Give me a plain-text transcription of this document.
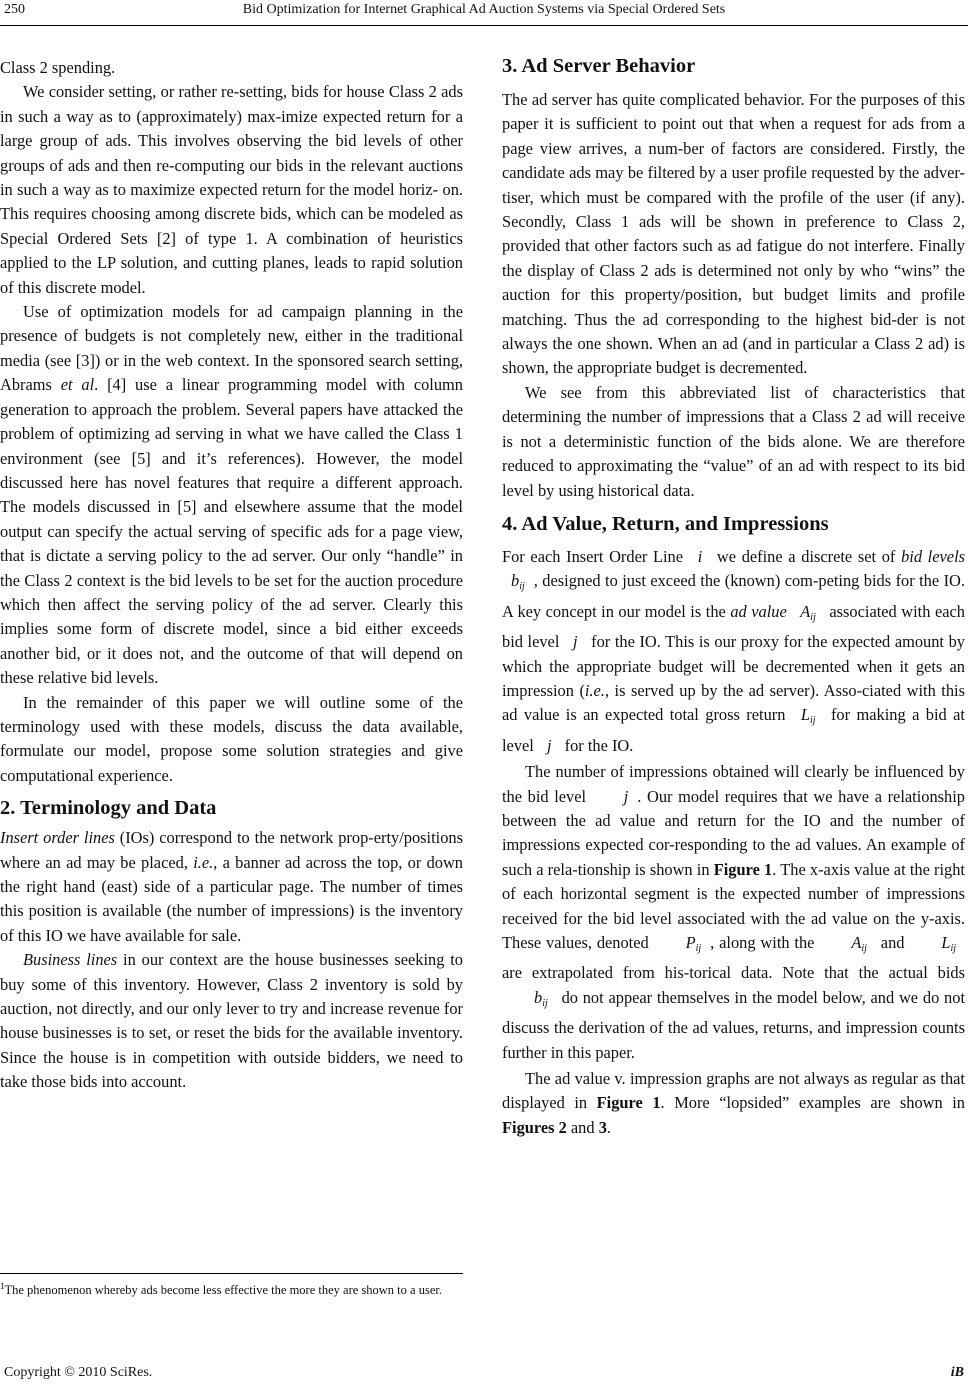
250	Bid Optimization for Internet Graphical Ad Auction Systems via Special Ordered Sets

Class 2 spending.

We consider setting, or rather re-setting, bids for house Class 2 ads in such a way as to (approximately) max-imize expected return for a large group of ads. This involves observing the bid levels of other groups of ads and then re-computing our bids in the relevant auctions in such a way as to maximize expected return for the model horiz- on. This requires choosing among discrete bids, which can be modeled as Special Ordered Sets [2] of type 1. A combination of heuristics applied to the LP solution, and cutting planes, leads to rapid solution of this discrete model.

Use of optimization models for ad campaign planning in the presence of budgets is not completely new, either in the traditional media (see [3]) or in the web context. In the sponsored search setting, Abrams et al. [4] use a linear programming model with column generation to approach the problem. Several papers have attacked the problem of optimizing ad serving in what we have called the Class 1 environment (see [5] and it’s references). However, the model discussed here has novel features that require a different approach. The models discussed in [5] and elsewhere assume that the model output can specify the actual serving of specific ads for a page view, that is dictate a serving policy to the ad server. Our only “handle” in the Class 2 context is the bid levels to be set for the auction procedure which then affect the serving policy of the ad server. Clearly this implies some form of discrete model, since a bid either exceeds another bid, or it does not, and the outcome of that will depend on these relative bid levels.

In the remainder of this paper we will outline some of the terminology used with these models, discuss the data available, formulate our model, propose some solution strategies and give computational experience.

2. Terminology and Data

Insert order lines (IOs) correspond to the network prop-erty/positions where an ad may be placed, i.e., a banner ad across the top, or down the right hand (east) side of a particular page. The number of times this position is available (the number of impressions) is the inventory of this IO we have available for sale.

Business lines in our context are the house businesses seeking to buy some of this inventory. However, Class 2 inventory is sold by auction, not directly, and our only lever to try and increase revenue for house businesses is to set, or reset the bids for the available inventory. Since the house is in competition with outside bidders, we need to take those bids into account.

$^1$The phenomenon whereby ads become less effective the more they are shown to a user.
3. Ad Server Behavior

The ad server has quite complicated behavior. For the purposes of this paper it is sufficient to point out that when a request for ads from a page view arrives, a num-ber of factors are considered. Firstly, the candidate ads may be filtered by a user profile requested by the adver-tiser, which must be compared with the profile of the user (if any). Secondly, Class 1 ads will be shown in preference to Class 2, provided that other factors such as ad fatigue do not interfere. Finally the display of Class 2 ads is determined not only by who “wins” the auction for this property/position, but budget limits and profile matching. Thus the ad corresponding to the highest bid-der is not always the one shown. When an ad (and in particular a Class 2 ad) is shown, the appropriate budget is decremented.

We see from this abbreviated list of characteristics that determining the number of impressions that a Class 2 ad will receive is not a deterministic function of the bids alone. We are therefore reduced to approximating the “value” of an ad with respect to its bid level by using historical data.

4. Ad Value, Return, and Impressions

For each Insert Order Line i we define a discrete set of bid levels $b_{ij}$ , designed to just exceed the (known) com-peting bids for the IO. A key concept in our model is the ad value $A_{ij}$ associated with each bid level j for the IO. This is our proxy for the expected amount by which the appropriate budget will be decremented when it gets an impression (i.e., is served up by the ad server). Asso-ciated with this ad value is an expected total gross return $L_{ij}$ for making a bid at level j for the IO.

The number of impressions obtained will clearly be influenced by the bid level j . Our model requires that we have a relationship between the ad value and return for the IO and the number of impressions expected cor-responding to the ad values. An example of such a rela-tionship is shown in Figure 1. The x-axis value at the right of each horizontal segment is the expected number of impressions received for the bid level associated with the ad value on the y-axis. These values, denoted $P_{ij}$ , along with the $A_{ij}$ and $L_{ij}$ are extrapolated from his-torical data. Note that the actual bids $b_{ij}$ do not appear themselves in the model below, and we do not discuss the derivation of the ad values, returns, and impression counts further in this paper.

The ad value v. impression graphs are not always as regular as that displayed in Figure 1. More “lopsided” examples are shown in Figures 2 and 3.

Copyright © 2010 SciRes.	iB
